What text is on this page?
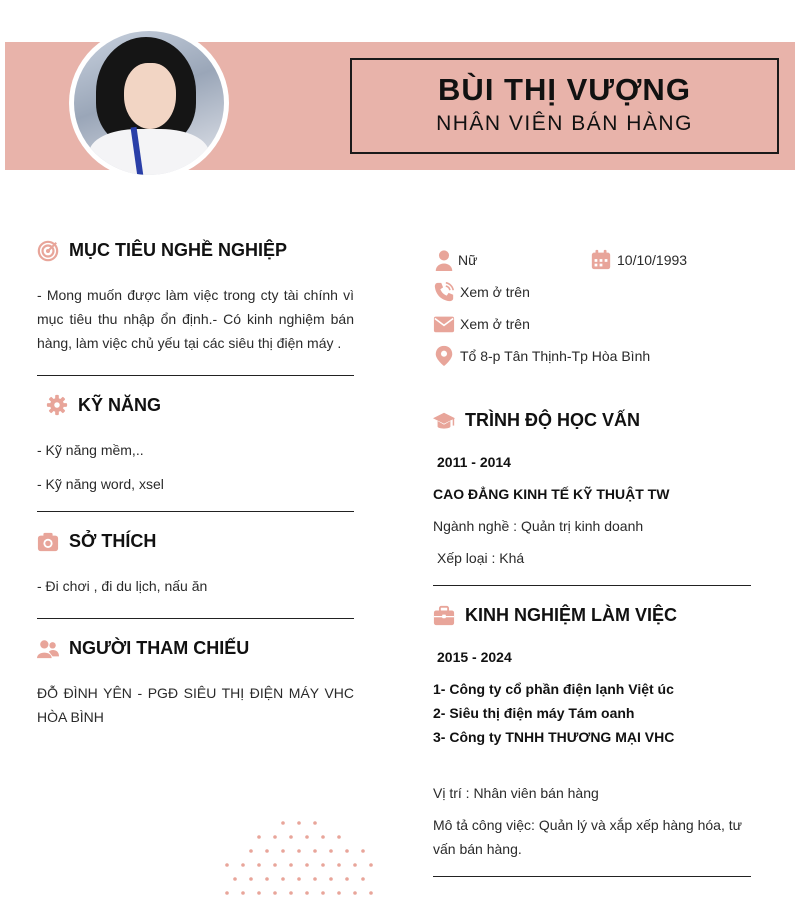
BÙI THỊ VƯỢNG
NHÂN VIÊN BÁN HÀNG
MỤC TIÊU NGHỀ NGHIỆP
- Mong muốn được làm việc trong cty tài chính vì mục tiêu thu nhập ổn định.- Có kinh nghiệm bán hàng, làm việc chủ yếu tại các siêu thị điện máy .
KỸ NĂNG
- Kỹ năng mềm,..
- Kỹ năng word, xsel
SỞ THÍCH
- Đi chơi , đi du lịch, nấu ăn
NGƯỜI THAM CHIẾU
ĐỖ ĐÌNH YÊN - PGĐ SIÊU THỊ ĐIỆN MÁY VHC HÒA BÌNH
Nữ	10/10/1993
Xem ở trên
Xem ở trên
Tổ 8-p Tân Thịnh-Tp Hòa Bình
TRÌNH ĐỘ HỌC VẤN
2011 - 2014
CAO ĐẲNG KINH TẾ KỸ THUẬT TW
Ngành nghề : Quản trị kinh doanh
Xếp loại : Khá
KINH NGHIỆM LÀM VIỆC
2015 - 2024
1- Công ty cổ phần điện lạnh Việt úc
2- Siêu thị điện máy Tám oanh
3- Công ty TNHH THƯƠNG MẠI VHC
Vị trí : Nhân viên bán hàng
Mô tả công việc: Quản lý và xắp xếp hàng hóa, tư vấn bán hàng.
